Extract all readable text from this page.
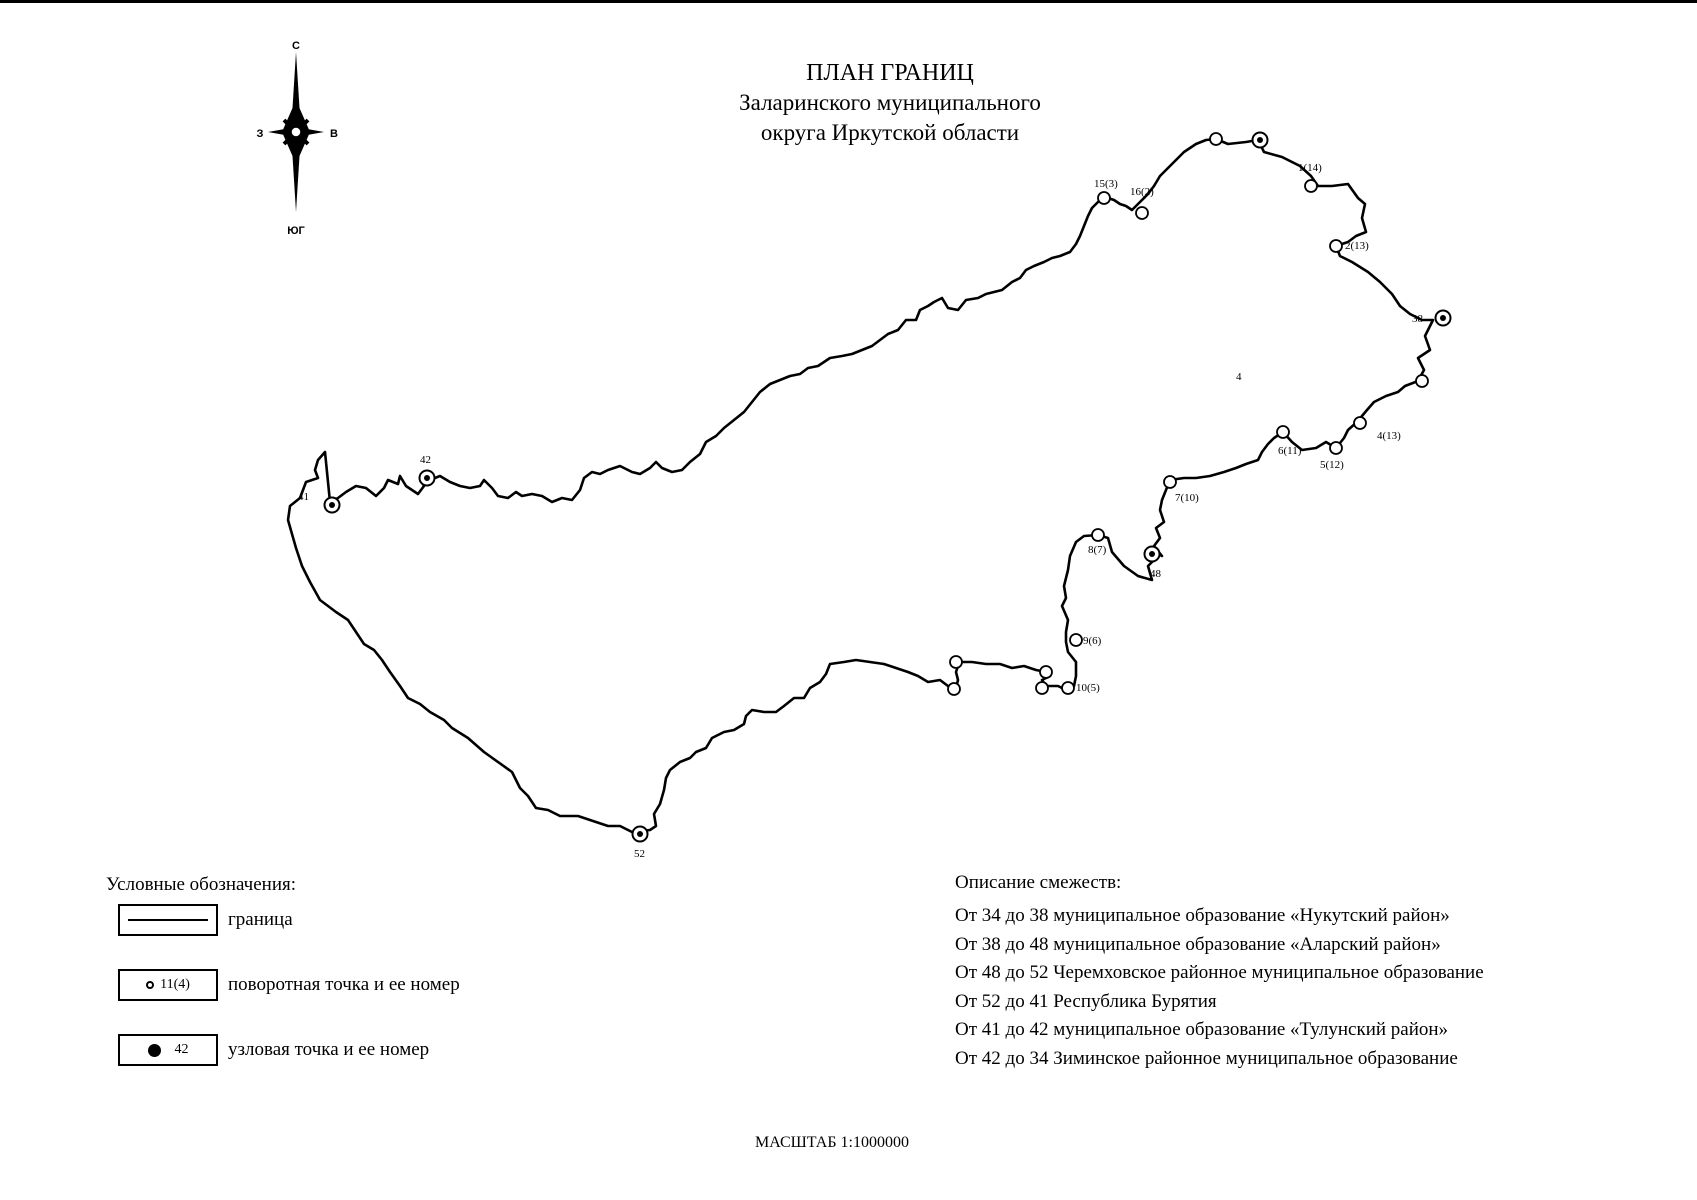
ПЛАН ГРАНИЦ
Заларинского муниципального
округа Иркутской области
С
ЮГ
З	В
1(14)
2(13)
4(13)
5(12)
6(11)
7(10)
8(7)
9(6)
10(5)
15(3)
16(2)
38
41
42
48
52
4
Условные обозначения:
граница
11(4) поворотная точка и ее номер
42 узловая точка и ее номер
Описание смежеств:
От 34 до 38 муниципальное образование «Нукутский район»
От 38 до 48 муниципальное образование «Аларский район»
От 48 до 52 Черемховское районное муниципальное образование
От 52 до 41 Республика Бурятия
От 41 до 42 муниципальное образование «Тулунский район»
От 42 до 34 Зиминское районное муниципальное образование
МАСШТАБ 1:1000000
